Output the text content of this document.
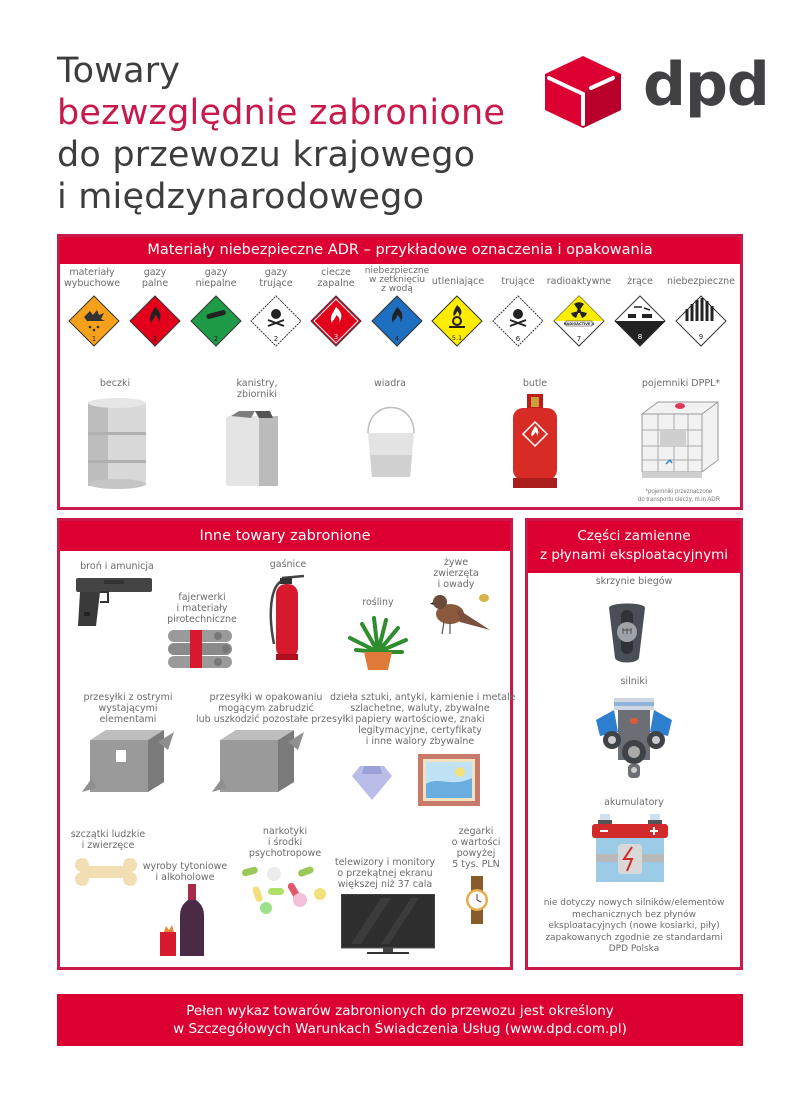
Towary
bezwzględnie zabronione
do przewozu krajowego
i międzynarodowego
dpd
Materiały niebezpieczne ADR – przykładowe oznaczenia i opakowania
materiały
wybuchowe
1
gazy
palne
2
gazy
niepalne
2
gazy
trujące
2
ciecze
zapalne
3
niebezpieczne
w zetknięciu
z wodą
4
utleniające
5.1
trujące
6
radioaktywne
RADIOACTIVE II
7
żrące
8
niebezpieczne
9
beczki	kanistry,
zbiorniki
wiadra	butle	pojemniki DPPL*
*pojemniki przeznaczone
do transportu cieczy, m.in ADR
Inne towary zabronione
broń i amunicja
fajerwerki
i materiały
pirotechniczne
gaśnice
rośliny
żywe
zwierzęta
i owady
przesyłki z ostrymi
wystającymi
elementami
przesyłki w opakowaniu
mogącym zabrudzić
lub uszkodzić pozostałe przesyłki
dzieła sztuki, antyki, kamienie i metale
szlachetne, waluty, zbywalne
papiery wartościowe, znaki
legitymacyjne, certyfikaty
i inne walory zbywalne
szczątki ludzkie
i zwierzęce
wyroby tytoniowe
i alkoholowe
narkotyki
i środki
psychotropowe
telewizory i monitory
o przekątnej ekranu
większej niż 37 cala
zegarki
o wartości
powyżej
5 tys. PLN
Części zamienne
z płynami eksploatacyjnymi
skrzynie biegów
silniki
akumulatory
nie dotyczy nowych silników/elementów
mechanicznych bez płynów
eksploatacyjnych (nowe kosiarki, piły)
zapakowanych zgodnie ze standardami
DPD Polska
Pełen wykaz towarów zabronionych do przewozu jest określony
w Szczegółowych Warunkach Świadczenia Usług (www.dpd.com.pl)
